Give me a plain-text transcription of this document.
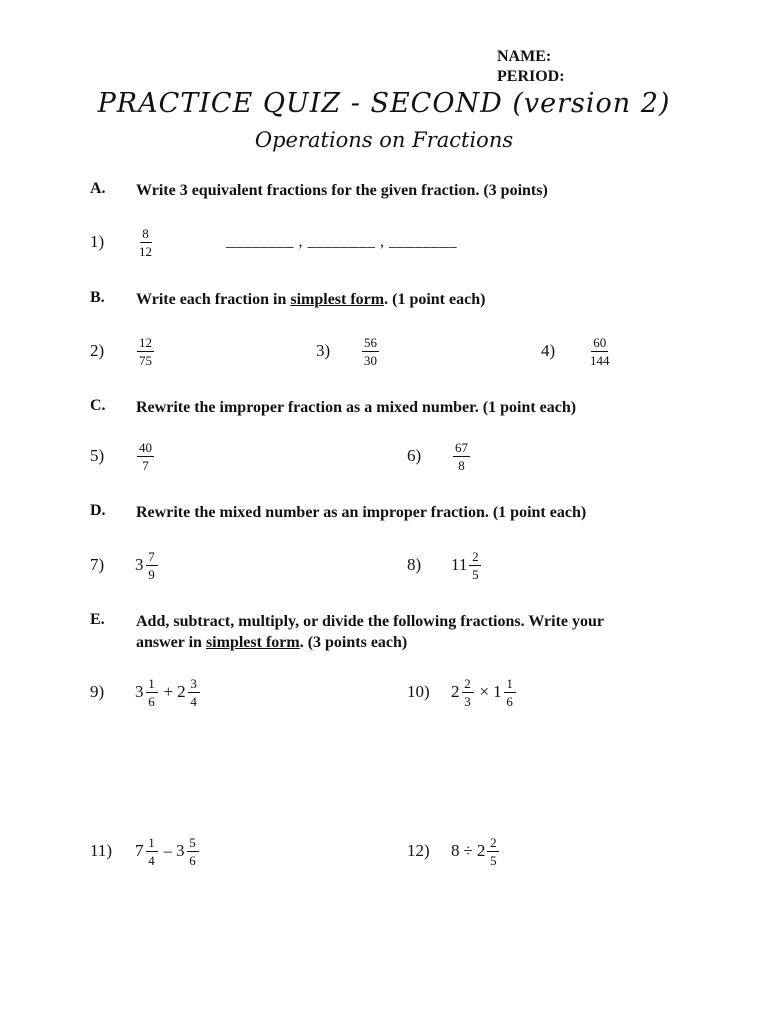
NAME:
PERIOD:
PRACTICE QUIZ - SECOND (version 2)
Operations on Fractions
A. Write 3 equivalent fractions for the given fraction. (3 points)
1)	$\frac{8}{12}$	________ , ________ , ________
B. Write each fraction in simplest form. (1 point each)
2)	$\frac{12}{75}$	$3) \frac{56}{30}$	4)	$\frac{60}{144}$
C. Rewrite the improper fraction as a mixed number. (1 point each)
5)	$\frac{40}{7}$	$6) \frac{67}{8}$
D. Rewrite the mixed number as an improper fraction. (1 point each)
7) $3 \frac{7}{9}$	8) $11 \frac{2}{5}$
E. Add, subtract, multiply, or divide the following fractions. Write your
answer in simplest form. (3 points each)
9) $3 \frac{1}{6} + 2 \frac{3}{4}$	10) $2 \frac{2}{3} \times 1 \frac{1}{6}$
11) $7 \frac{1}{4} - 3 \frac{5}{6}$	12) $8 \div 2 \frac{2}{5}$
